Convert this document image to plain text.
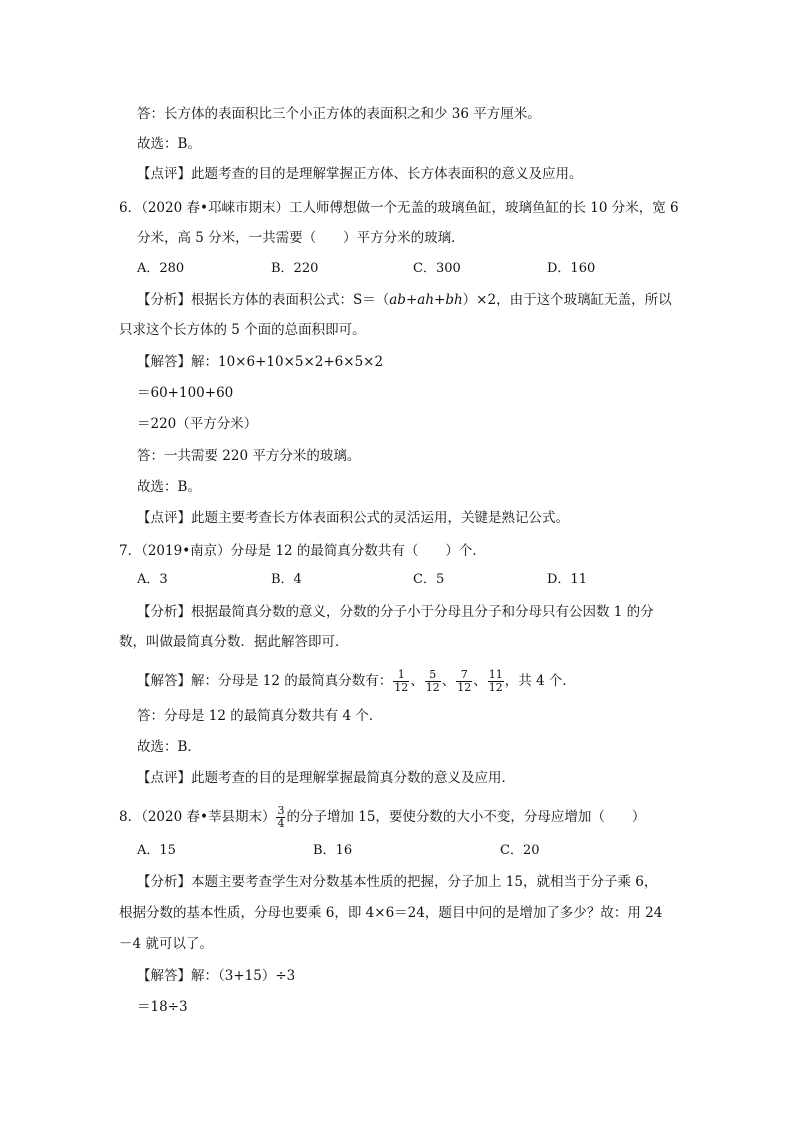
答：长方体的表面积比三个小正方体的表面积之和少 36 平方厘米。
故选：B。
【点评】此题考查的目的是理解掌握正方体、长方体表面积的意义及应用。
6．（2020 春•邛崃市期末）工人师傅想做一个无盖的玻璃鱼缸，玻璃鱼缸的长 10 分米，宽 6
分米，高 5 分米，一共需要（　　）平方分米的玻璃．
A．280	B．220	C．300	D．160
【分析】根据长方体的表面积公式：S＝（ab+ah+bh）×2，由于这个玻璃缸无盖，所以
只求这个长方体的 5 个面的总面积即可。
【解答】解：10×6+10×5×2+6×5×2
＝60+100+60
＝220（平方分米）
答：一共需要 220 平方分米的玻璃。
故选：B。
【点评】此题主要考查长方体表面积公式的灵活运用，关键是熟记公式。
7．（2019•南京）分母是 12 的最简真分数共有（　　）个．
A．3	B．4	C．5	D．11
【分析】根据最简真分数的意义，分数的分子小于分母且分子和分母只有公因数 1 的分
数，叫做最简真分数．据此解答即可．
【解答】解：分母是 12 的最简真分数有： $\frac{1}{12}$ 、 $\frac{5}{12}$ 、 $\frac{7}{12}$ 、 $\frac{11}{12}$ ，共 4 个．
答：分母是 12 的最简真分数共有 4 个．
故选：B．
【点评】此题考查的目的是理解掌握最简真分数的意义及应用．
8．（2020 春•莘县期末） $\frac{3}{4}$ 的分子增加 15，要使分数的大小不变，分母应增加（　　）
A．15	B．16	C．20
【分析】本题主要考查学生对分数基本性质的把握，分子加上 15，就相当于分子乘 6，
根据分数的基本性质，分母也要乘 6，即 4×6＝24，题目中问的是增加了多少？故：用 24
－4 就可以了。
【解答】解：（3+15）÷3
＝18÷3
